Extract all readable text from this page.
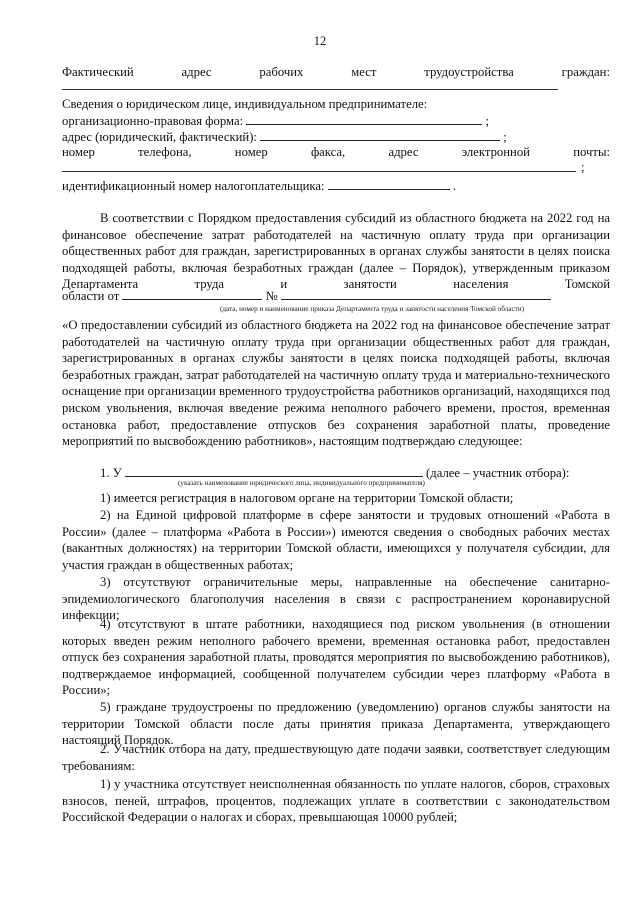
12
Фактический адрес рабочих мест трудоустройства граждан:
Сведения о юридическом лице, индивидуальном предпринимателе:
организационно-правовая форма:	;
адрес (юридический, фактический):	;
номер телефона, номер факса, адрес электронной почты:
;
идентификационный номер налогоплательщика:	.
В соответствии с Порядком предоставления субсидий из областного бюджета на 2022 год на финансовое обеспечение затрат работодателей на частичную оплату труда при организации общественных работ для граждан, зарегистрированных в органах службы занятости в целях поиска подходящей работы, включая безработных граждан (далее – Порядок), утвержденным приказом Департамента труда и занятости населения Томской
области от	№
(дата, номер и наименование приказа Департамента труда и занятости населения Томской области)
«О предоставлении субсидий из областного бюджета на 2022 год на финансовое обеспечение затрат работодателей на частичную оплату труда при организации общественных работ для граждан, зарегистрированных в органах службы занятости в целях поиска подходящей работы, включая безработных граждан, затрат работодателей на частичную оплату труда и материально-технического оснащение при организации временного трудоустройства работников организаций, находящихся под риском увольнения, включая введение режима неполного рабочего времени, простоя, временная остановка работ, предоставление отпусков без сохранения заработной платы, проведение мероприятий по высвобождению работников», настоящим подтверждаю следующее:
1. У	(далее – участник отбора):
(указать наименование юридического лица, индивидуального предпринимателя)
1) имеется регистрация в налоговом органе на территории Томской области;
2) на Единой цифровой платформе в сфере занятости и трудовых отношений «Работа в России» (далее – платформа «Работа в России») имеются сведения о свободных рабочих местах (вакантных должностях) на территории Томской области, имеющихся у получателя субсидии, для участия граждан в общественных работах;
3) отсутствуют ограничительные меры, направленные на обеспечение санитарно-эпидемиологического благополучия населения в связи с распространением коронавирусной инфекции;
4) отсутствуют в штате работники, находящиеся под риском увольнения (в отношении которых введен режим неполного рабочего времени, временная остановка работ, предоставлен отпуск без сохранения заработной платы, проводятся мероприятия по высвобождению работников), подтверждаемое информацией, сообщенной получателем субсидии через платформу «Работа в России»;
5) граждане трудоустроены по предложению (уведомлению) органов службы занятости на территории Томской области после даты принятия приказа Департамента, утверждающего настоящий Порядок.
2. Участник отбора на дату, предшествующую дате подачи заявки, соответствует следующим требованиям:
1) у участника отсутствует неисполненная обязанность по уплате налогов, сборов, страховых взносов, пеней, штрафов, процентов, подлежащих уплате в соответствии с законодательством Российской Федерации о налогах и сборах, превышающая 10000 рублей;
